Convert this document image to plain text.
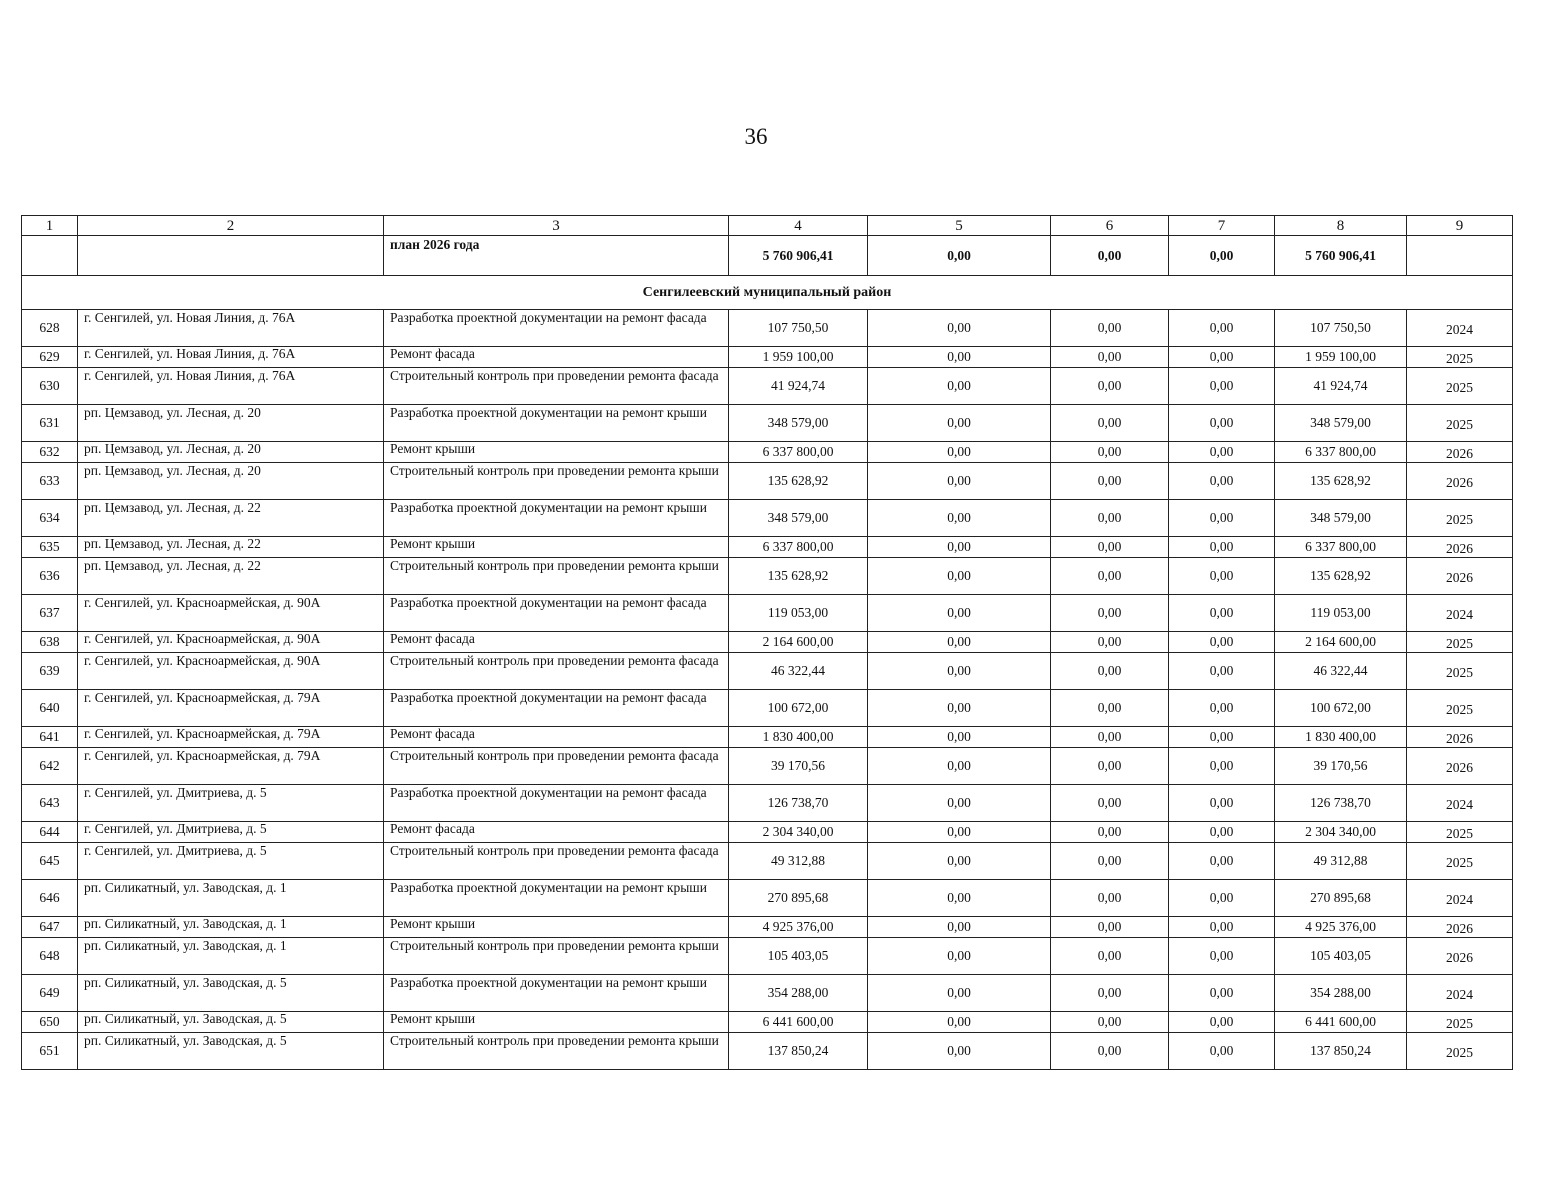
36
1	2	3	4	5	6	7	8	9
		план 2026 года	5 760 906,41	0,00	0,00	0,00	5 760 906,41	
Сенгилеевский муниципальный район								
628	г. Сенгилей, ул. Новая Линия, д. 76А	Разработка проектной документации на ремонт фасада	107 750,50	0,00	0,00	0,00	107 750,50	2024
629	г. Сенгилей, ул. Новая Линия, д. 76А	Ремонт фасада	1 959 100,00	0,00	0,00	0,00	1 959 100,00	2025
630	г. Сенгилей, ул. Новая Линия, д. 76А	Строительный контроль при проведении ремонта фасада	41 924,74	0,00	0,00	0,00	41 924,74	2025
631	рп. Цемзавод, ул. Лесная, д. 20	Разработка проектной документации на ремонт крыши	348 579,00	0,00	0,00	0,00	348 579,00	2025
632	рп. Цемзавод, ул. Лесная, д. 20	Ремонт крыши	6 337 800,00	0,00	0,00	0,00	6 337 800,00	2026
633	рп. Цемзавод, ул. Лесная, д. 20	Строительный контроль при проведении ремонта крыши	135 628,92	0,00	0,00	0,00	135 628,92	2026
634	рп. Цемзавод, ул. Лесная, д. 22	Разработка проектной документации на ремонт крыши	348 579,00	0,00	0,00	0,00	348 579,00	2025
635	рп. Цемзавод, ул. Лесная, д. 22	Ремонт крыши	6 337 800,00	0,00	0,00	0,00	6 337 800,00	2026
636	рп. Цемзавод, ул. Лесная, д. 22	Строительный контроль при проведении ремонта крыши	135 628,92	0,00	0,00	0,00	135 628,92	2026
637	г. Сенгилей, ул. Красноармейская, д. 90А	Разработка проектной документации на ремонт фасада	119 053,00	0,00	0,00	0,00	119 053,00	2024
638	г. Сенгилей, ул. Красноармейская, д. 90А	Ремонт фасада	2 164 600,00	0,00	0,00	0,00	2 164 600,00	2025
639	г. Сенгилей, ул. Красноармейская, д. 90А	Строительный контроль при проведении ремонта фасада	46 322,44	0,00	0,00	0,00	46 322,44	2025
640	г. Сенгилей, ул. Красноармейская, д. 79А	Разработка проектной документации на ремонт фасада	100 672,00	0,00	0,00	0,00	100 672,00	2025
641	г. Сенгилей, ул. Красноармейская, д. 79А	Ремонт фасада	1 830 400,00	0,00	0,00	0,00	1 830 400,00	2026
642	г. Сенгилей, ул. Красноармейская, д. 79А	Строительный контроль при проведении ремонта фасада	39 170,56	0,00	0,00	0,00	39 170,56	2026
643	г. Сенгилей, ул. Дмитриева, д. 5	Разработка проектной документации на ремонт фасада	126 738,70	0,00	0,00	0,00	126 738,70	2024
644	г. Сенгилей, ул. Дмитриева, д. 5	Ремонт фасада	2 304 340,00	0,00	0,00	0,00	2 304 340,00	2025
645	г. Сенгилей, ул. Дмитриева, д. 5	Строительный контроль при проведении ремонта фасада	49 312,88	0,00	0,00	0,00	49 312,88	2025
646	рп. Силикатный, ул. Заводская, д. 1	Разработка проектной документации на ремонт крыши	270 895,68	0,00	0,00	0,00	270 895,68	2024
647	рп. Силикатный, ул. Заводская, д. 1	Ремонт крыши	4 925 376,00	0,00	0,00	0,00	4 925 376,00	2026
648	рп. Силикатный, ул. Заводская, д. 1	Строительный контроль при проведении ремонта крыши	105 403,05	0,00	0,00	0,00	105 403,05	2026
649	рп. Силикатный, ул. Заводская, д. 5	Разработка проектной документации на ремонт крыши	354 288,00	0,00	0,00	0,00	354 288,00	2024
650	рп. Силикатный, ул. Заводская, д. 5	Ремонт крыши	6 441 600,00	0,00	0,00	0,00	6 441 600,00	2025
651	рп. Силикатный, ул. Заводская, д. 5	Строительный контроль при проведении ремонта крыши	137 850,24	0,00	0,00	0,00	137 850,24	2025
